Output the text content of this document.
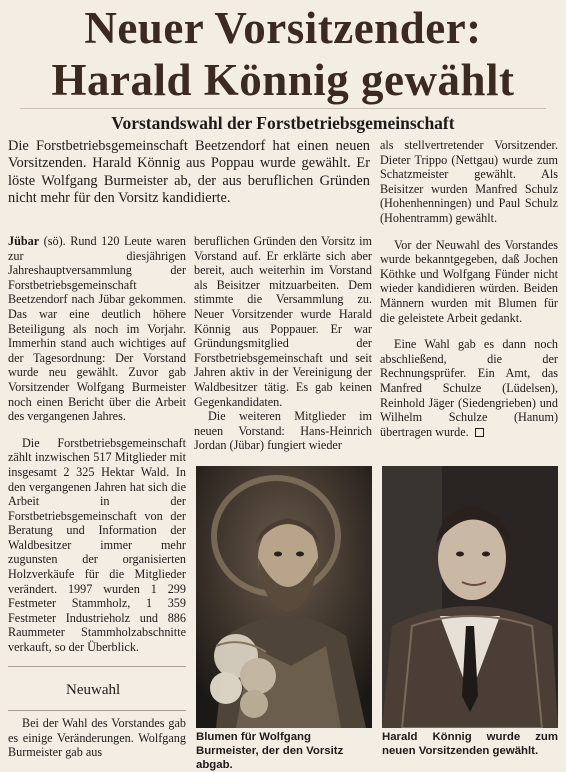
Neuer Vorsitzender:
Harald Könnig gewählt
Vorstandswahl der Forstbetriebsgemeinschaft

Die Forstbetriebsgemeinschaft Beetzendorf hat einen neuen Vorsitzenden. Harald Könnig aus Poppau wurde gewählt. Er löste Wolfgang Burmeister ab, der aus beruflichen Gründen nicht mehr für den Vorsitz kandidierte.

Jübar (sö). Rund 120 Leute waren zur diesjährigen Jahreshauptversammlung der Forstbetriebsgemeinschaft Beetzendorf nach Jübar gekommen. Das war eine deutlich höhere Beteiligung als noch im Vorjahr. Immerhin stand auch wichtiges auf der Tagesordnung: Der Vorstand wurde neu gewählt. Zuvor gab Vorsitzender Wolfgang Burmeister noch einen Bericht über die Arbeit des vergangenen Jahres.

Die Forstbetriebsgemeinschaft zählt inzwischen 517 Mitglieder mit insgesamt 2 325 Hektar Wald. In den vergangenen Jahren hat sich die Arbeit in der Forstbetriebsgemeinschaft von der Beratung und Information der Waldbesitzer immer mehr zugunsten der organisierten Holzverkäufe für die Mitglieder verändert. 1997 wurden 1 299 Festmeter Stammholz, 1 359 Festmeter Industrieholz und 886 Raummeter Stammholzabschnitte verkauft, so der Überblick.

Neuwahl

Bei der Wahl des Vorstandes gab es einige Veränderungen. Wolfgang Burmeister gab aus

beruflichen Gründen den Vorsitz im Vorstand auf. Er erklärte sich aber bereit, auch weiterhin im Vorstand als Beisitzer mitzuarbeiten. Dem stimmte die Versammlung zu. Neuer Vorsitzender wurde Harald Könnig aus Poppauer. Er war Gründungsmitglied der Forstbetriebsgemeinschaft und seit Jahren aktiv in der Vereinigung der Waldbesitzer tätig. Es gab keinen Gegenkandidaten.

Die weiteren Mitglieder im neuen Vorstand: Hans-Heinrich Jordan (Jübar) fungiert wieder

als stellvertretender Vorsitzender. Dieter Trippo (Nettgau) wurde zum Schatzmeister gewählt. Als Beisitzer wurden Manfred Schulz (Hohenhenningen) und Paul Schulz (Hohentramm) gewählt.

Vor der Neuwahl des Vorstandes wurde bekanntgegeben, daß Jochen Köthke und Wolfgang Fünder nicht wieder kandidieren würden. Beiden Männern wurden mit Blumen für die geleistete Arbeit gedankt.

Eine Wahl gab es dann noch abschließend, die der Rechnungsprüfer. Ein Amt, das Manfred Schulze (Lüdelsen), Reinhold Jäger (Siedengrieben) und Wilhelm Schulze (Hanum) übertragen wurde.

Blumen für Wolfgang Burmeister, der den Vorsitz abgab.
Harald Könnig wurde zum neuen Vorsitzenden gewählt.
